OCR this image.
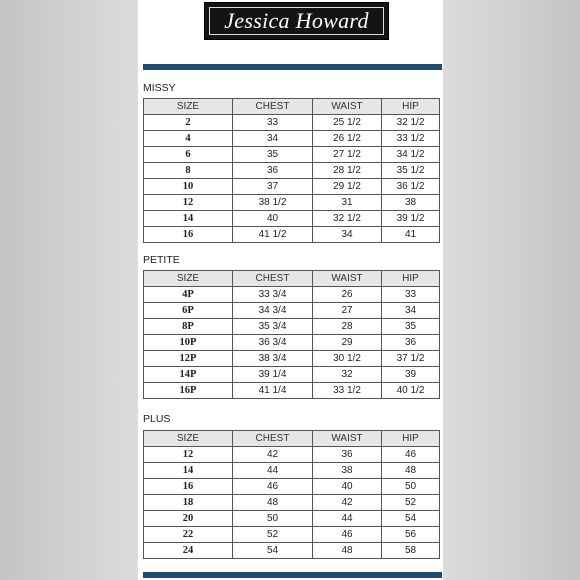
Jessica Howard
MISSY
SIZE	CHEST	WAIST	HIP
2	33	25 1/2	32 1/2
4	34	26 1/2	33 1/2
6	35	27 1/2	34 1/2
8	36	28 1/2	35 1/2
10	37	29 1/2	36 1/2
12	38 1/2	31	38
14	40	32 1/2	39 1/2
16	41 1/2	34	41
PETITE
SIZE	CHEST	WAIST	HIP
4P	33 3/4	26	33
6P	34 3/4	27	34
8P	35 3/4	28	35
10P	36 3/4	29	36
12P	38 3/4	30 1/2	37 1/2
14P	39 1/4	32	39
16P	41 1/4	33 1/2	40 1/2
PLUS
SIZE	CHEST	WAIST	HIP
12	42	36	46
14	44	38	48
16	46	40	50
18	48	42	52
20	50	44	54
22	52	46	56
24	54	48	58
